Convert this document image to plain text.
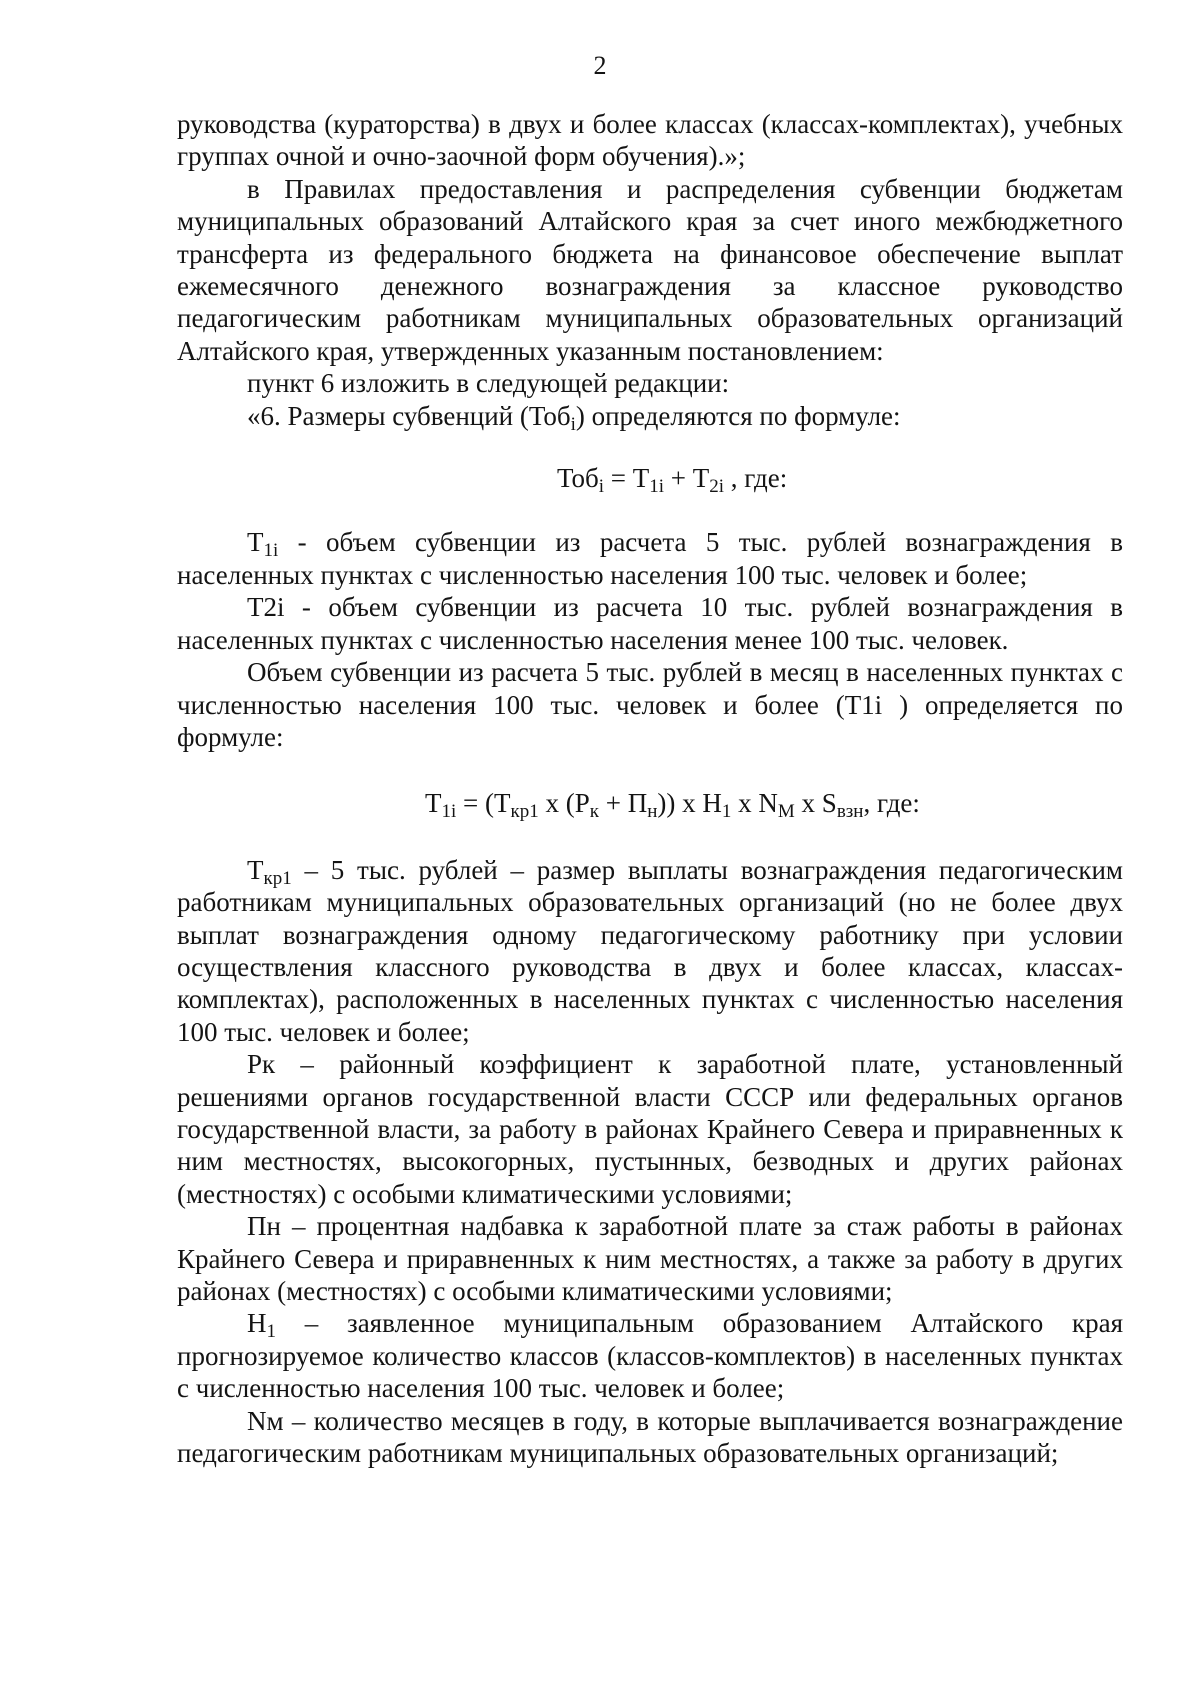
2

руководства (кураторства) в двух и более классах (классах-комплектах), учебных группах очной и очно-заочной форм обучения).»;

в Правилах предоставления и распределения субвенции бюджетам муниципальных образований Алтайского края за счет иного межбюджетного трансферта из федерального бюджета на финансовое обеспечение выплат ежемесячного денежного вознаграждения за классное руководство педагогическим работникам муниципальных образовательных организаций Алтайского края, утвержденных указанным постановлением:

пункт 6 изложить в следующей редакции:

«6. Размеры субвенций (Тоб$_i$) определяются по формуле:

$Тоб_i = Т_{1i} + Т_{2i}$ , где:

$Т_{1i}$ - объем субвенции из расчета 5 тыс. рублей вознаграждения в населенных пунктах с численностью населения 100 тыс. человек и более;

Т2i - объем субвенции из расчета 10 тыс. рублей вознаграждения в населенных пунктах с численностью населения менее 100 тыс. человек.

Объем субвенции из расчета 5 тыс. рублей в месяц в населенных пунктах с численностью населения 100 тыс. человек и более (Т1i ) определяется по формуле:

$Т_{1i} = (Т_{кр1}$ х $(Р_к + П_н)$) х $Н_1$ х $N_М$ х $S_{взн}$, где:

$Т_{кр1} - 5$ тыс. рублей – размер выплаты вознаграждения педагогическим работникам муниципальных образовательных организаций (но не более двух выплат вознаграждения одному педагогическому работнику при условии осуществления классного руководства в двух и более классах, классах-комплектах), расположенных в населенных пунктах с численностью населения 100 тыс. человек и более;

Рк – районный коэффициент к заработной плате, установленный решениями органов государственной власти СССР или федеральных органов государственной власти, за работу в районах Крайнего Севера и приравненных к ним местностях, высокогорных, пустынных, безводных и других районах (местностях) с особыми климатическими условиями;

Пн – процентная надбавка к заработной плате за стаж работы в районах Крайнего Севера и приравненных к ним местностях, а также за работу в других районах (местностях) с особыми климатическими условиями;

$Н_1$ – заявленное муниципальным образованием Алтайского края прогнозируемое количество классов (классов-комплектов) в населенных пунктах с численностью населения 100 тыс. человек и более;

Nм – количество месяцев в году, в которые выплачивается вознаграждение педагогическим работникам муниципальных образовательных организаций;
